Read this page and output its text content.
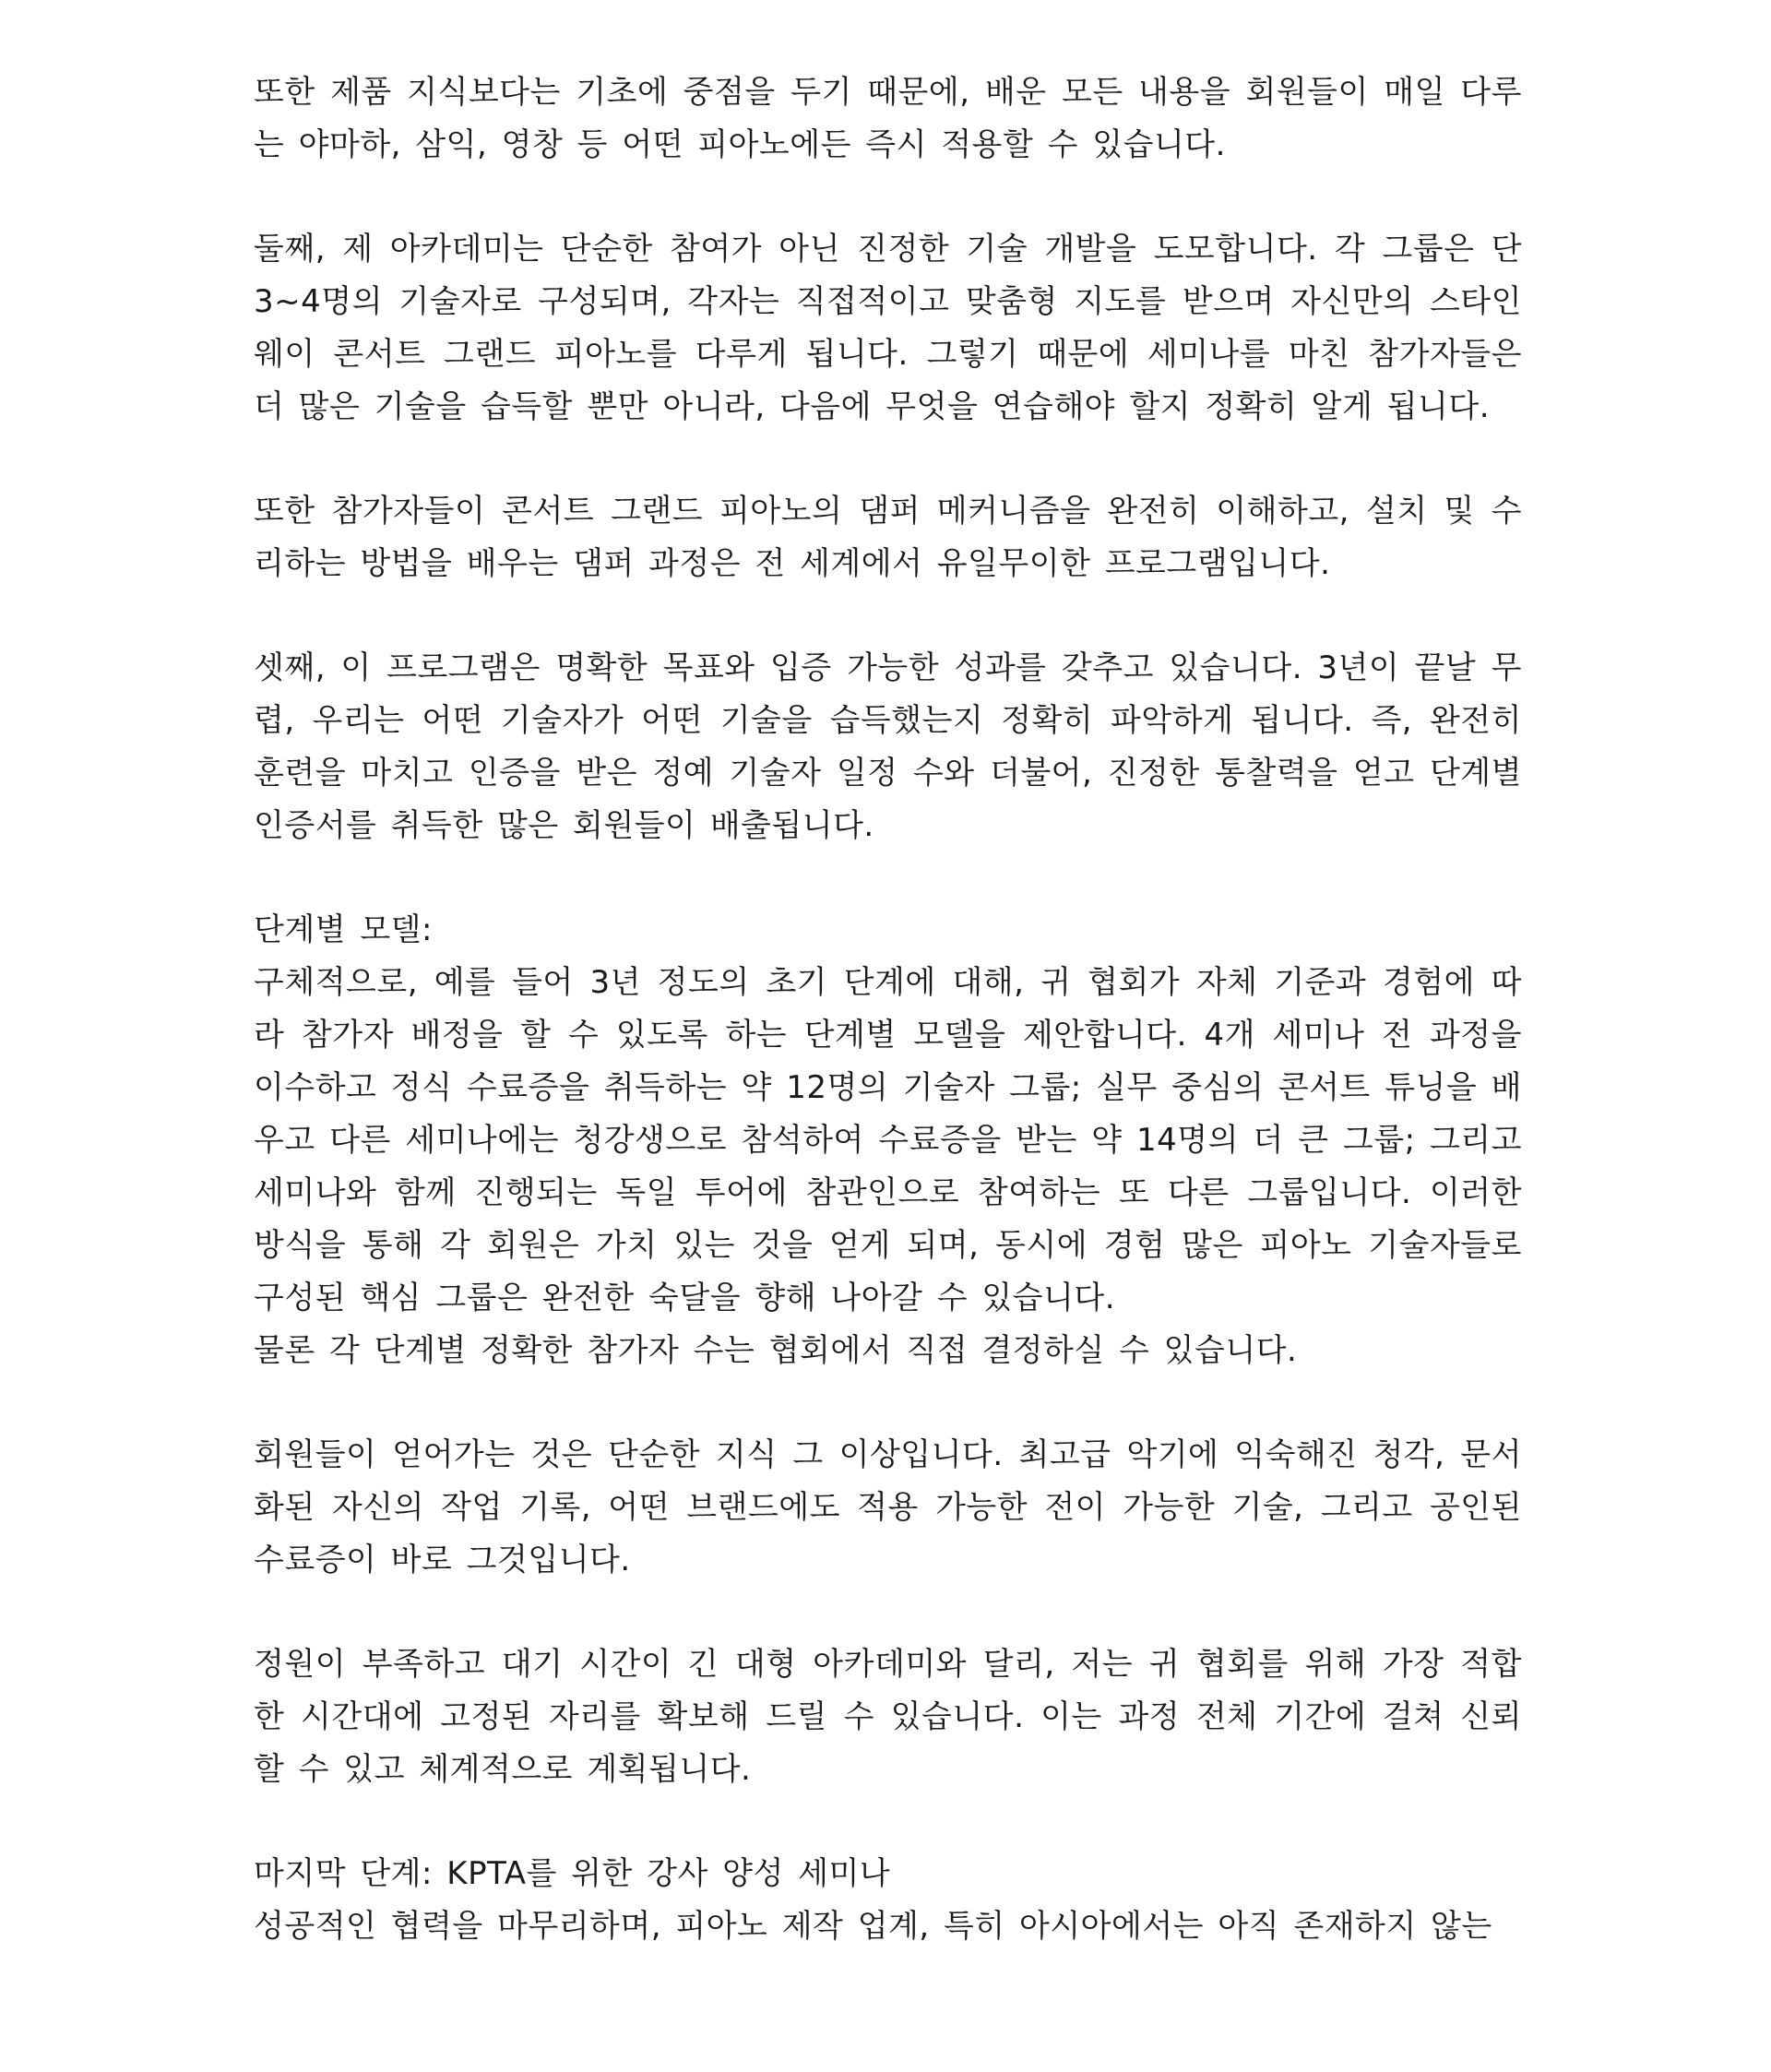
또한 제품 지식보다는 기초에 중점을 두기 때문에, 배운 모든 내용을 회원들이 매일 다루는 야마하, 삼익, 영창 등 어떤 피아노에든 즉시 적용할 수 있습니다.
둘째, 제 아카데미는 단순한 참여가 아닌 진정한 기술 개발을 도모합니다. 각 그룹은 단 3~4명의 기술자로 구성되며, 각자는 직접적이고 맞춤형 지도를 받으며 자신만의 스타인웨이 콘서트 그랜드 피아노를 다루게 됩니다. 그렇기 때문에 세미나를 마친 참가자들은 더 많은 기술을 습득할 뿐만 아니라, 다음에 무엇을 연습해야 할지 정확히 알게 됩니다.
또한 참가자들이 콘서트 그랜드 피아노의 댐퍼 메커니즘을 완전히 이해하고, 설치 및 수리하는 방법을 배우는 댐퍼 과정은 전 세계에서 유일무이한 프로그램입니다.
셋째, 이 프로그램은 명확한 목표와 입증 가능한 성과를 갖추고 있습니다. 3년이 끝날 무렵, 우리는 어떤 기술자가 어떤 기술을 습득했는지 정확히 파악하게 됩니다. 즉, 완전히 훈련을 마치고 인증을 받은 정예 기술자 일정 수와 더불어, 진정한 통찰력을 얻고 단계별 인증서를 취득한 많은 회원들이 배출됩니다.
단계별 모델:
구체적으로, 예를 들어 3년 정도의 초기 단계에 대해, 귀 협회가 자체 기준과 경험에 따라 참가자 배정을 할 수 있도록 하는 단계별 모델을 제안합니다. 4개 세미나 전 과정을 이수하고 정식 수료증을 취득하는 약 12명의 기술자 그룹; 실무 중심의 콘서트 튜닝을 배우고 다른 세미나에는 청강생으로 참석하여 수료증을 받는 약 14명의 더 큰 그룹; 그리고 세미나와 함께 진행되는 독일 투어에 참관인으로 참여하는 또 다른 그룹입니다. 이러한 방식을 통해 각 회원은 가치 있는 것을 얻게 되며, 동시에 경험 많은 피아노 기술자들로 구성된 핵심 그룹은 완전한 숙달을 향해 나아갈 수 있습니다.
물론 각 단계별 정확한 참가자 수는 협회에서 직접 결정하실 수 있습니다.
회원들이 얻어가는 것은 단순한 지식 그 이상입니다. 최고급 악기에 익숙해진 청각, 문서화된 자신의 작업 기록, 어떤 브랜드에도 적용 가능한 전이 가능한 기술, 그리고 공인된 수료증이 바로 그것입니다.
정원이 부족하고 대기 시간이 긴 대형 아카데미와 달리, 저는 귀 협회를 위해 가장 적합한 시간대에 고정된 자리를 확보해 드릴 수 있습니다. 이는 과정 전체 기간에 걸쳐 신뢰할 수 있고 체계적으로 계획됩니다.
마지막 단계: KPTA를 위한 강사 양성 세미나
성공적인 협력을 마무리하며, 피아노 제작 업계, 특히 아시아에서는 아직 존재하지 않는
